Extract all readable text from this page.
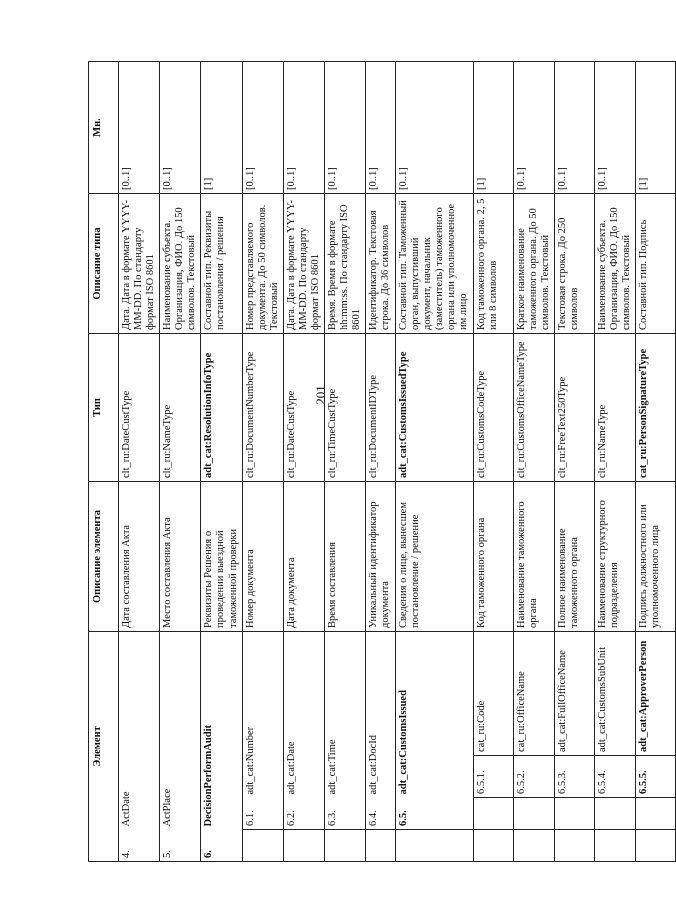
201
Элемент				Описание элемента	Тип	Описание типа	Мн.
4.	ActDate			Дата составления Акта	clt_ru:DateCustType	Дата. Дата в формате YYYY-MM-DD. По стандарту формат ISO 8601	[0..1]
5.	ActPlace			Место составления Акта	clt_ru:NameType	Наименование субъекта. Организация, ФИО. До 150 символов. Текстовый	[0..1]
6.	DecisionPerformAudit			Реквизиты Решения о проведении выездной таможенной проверки	adt_cat:ResolutionInfoType	Составной тип. Реквизиты постановления / решения	[1]
	6.1.	adt_cat:Number		Номер документа	clt_ru:DocumentNumberType	Номер представляемого документа. До 50 символов. Текстовый	[0..1]
	6.2.	adt_cat:Date		Дата документа	clt_ru:DateCustType	Дата. Дата в формате YYYY-MM-DD. По стандарту формат ISO 8601	[0..1]
	6.3.	adt_cat:Time		Время составления	clt_ru:TimeCustType	Время. Время в формате hh:mm:ss. По стандарту ISO 8601	[0..1]
	6.4.	adt_cat:DocId		Уникальный идентификатор документа	clt_ru:DocumentIDType	Идентификатор. Текстовая строка. До 36 символов	[0..1]
	6.5.	adt_cat:CustomsIssued		Сведения о лице, вынесшем постановление / решение	adt_cat:CustomsIssuedType	Составной тип. Таможенный орган, выпустивший документ, начальник (заместитель) таможенного органа или уполномоченное им лицо	[0..1]
		6.5.1.	cat_ru:Code	Код таможенного органа	clt_ru:CustomsCodeType	Код таможенного органа. 2, 5 или 8 символов	[1]
		6.5.2.	cat_ru:OfficeName	Наименование таможенного органа	clt_ru:CustomsOfficeNameType	Краткое наименование таможенного органа. До 50 символов. Текстовый	[0..1]
		6.5.3.	adt_cat:FullOfficeName	Полное наименование таможенного органа	clt_ru:FreeText250Type	Текстовая строка. До 250 символов	[0..1]
		6.5.4.	adt_cat:CustomsSubUnit	Наименование структурного подразделения	clt_ru:NameType	Наименование субъекта. Организация, ФИО. До 150 символов. Текстовый	[0..1]
		6.5.5.	adt_cat:ApproverPerson	Подпись должностного или уполномоченного лица	cat_ru:PersonSignatureType	Составной тип. Подпись	[1]
